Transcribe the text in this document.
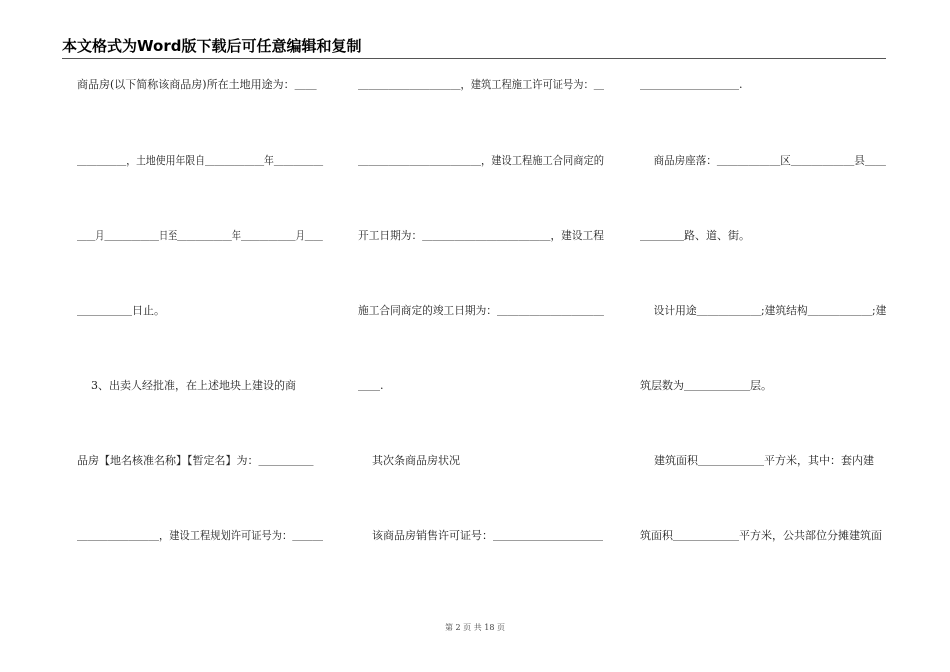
本文格式为Word版下载后可任意编辑和复制
商品房(以下简称该商品房)所在土地用途为：＿＿
＿＿＿＿＿，土地使用年限自＿＿＿＿＿＿年＿＿＿＿＿
＿＿月＿＿＿＿＿＿日至＿＿＿＿＿＿年＿＿＿＿＿＿月＿＿
＿＿＿＿＿日止。
3、出卖人经批准，在上述地块上建设的商
品房【地名核准名称】【暂定名】为：＿＿＿＿＿
＿＿＿＿＿＿＿＿，建设工程规划许可证号为：＿＿＿
＿＿＿＿＿＿＿＿＿＿，建筑工程施工许可证号为：＿
＿＿＿＿＿＿＿＿＿＿＿＿，建设工程施工合同商定的
开工日期为：＿＿＿＿＿＿＿＿＿＿＿＿，建设工程
施工合同商定的竣工日期为：＿＿＿＿＿＿＿＿＿＿
＿＿.
其次条商品房状况
该商品房销售许可证号：＿＿＿＿＿＿＿＿＿＿
＿＿＿＿＿＿＿＿＿.
商品房座落：＿＿＿＿＿＿区＿＿＿＿＿＿县＿＿
＿＿＿＿路、道、街。
设计用途＿＿＿＿＿＿;建筑结构＿＿＿＿＿＿;建
筑层数为＿＿＿＿＿＿层。
建筑面积＿＿＿＿＿＿平方米，其中：套内建
筑面积＿＿＿＿＿＿平方米，公共部位分摊建筑面
第 2 页 共 18 页
